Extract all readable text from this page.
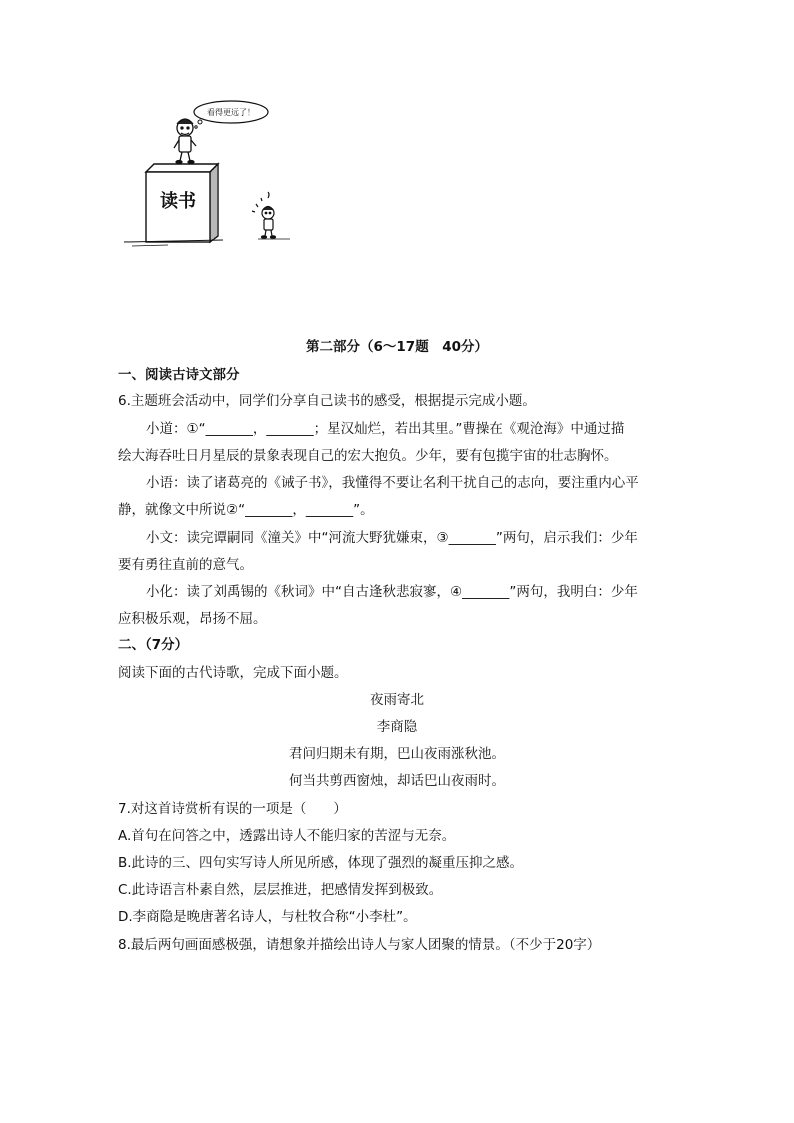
看得更远了！
读书
第二部分（6～17题　40分）
一、阅读古诗文部分
6.主题班会活动中，同学们分享自己读书的感受，根据提示完成小题。
小道：①“_______，_______；星汉灿烂，若出其里。”曹操在《观沧海》中通过描
绘大海吞吐日月星辰的景象表现自己的宏大抱负。少年，要有包揽宇宙的壮志胸怀。
小语：读了诸葛亮的《诫子书》，我懂得不要让名利干扰自己的志向，要注重内心平
静，就像文中所说②“_______，_______”。
小文：读完谭嗣同《潼关》中“河流大野犹嫌束，③_______”两句，启示我们：少年
要有勇往直前的意气。
小化：读了刘禹锡的《秋词》中“自古逢秋悲寂寥，④_______”两句，我明白：少年
应积极乐观，昂扬不屈。
二、（7分）
阅读下面的古代诗歌，完成下面小题。
夜雨寄北
李商隐
君问归期未有期，巴山夜雨涨秋池。
何当共剪西窗烛，却话巴山夜雨时。
7.对这首诗赏析有误的一项是（　　）
A.首句在问答之中，透露出诗人不能归家的苦涩与无奈。
B.此诗的三、四句实写诗人所见所感，体现了强烈的凝重压抑之感。
C.此诗语言朴素自然，层层推进，把感情发挥到极致。
D.李商隐是晚唐著名诗人，与杜牧合称“小李杜”。
8.最后两句画面感极强，请想象并描绘出诗人与家人团聚的情景。（不少于20字）
